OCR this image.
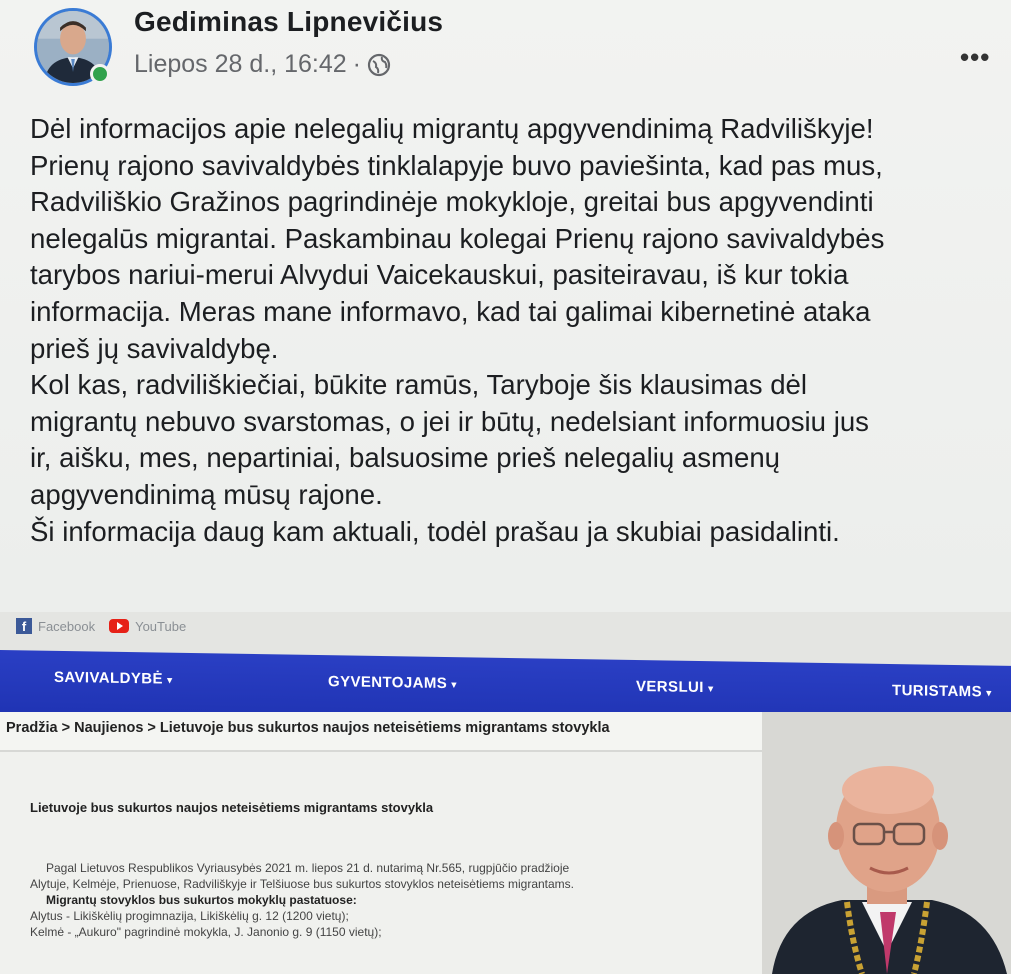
Gediminas Lipnevičius
Liepos 28 d., 16:42 ·	•••

Dėl informacijos apie nelegalių migrantų apgyvendinimą Radviliškyje!

Prienų rajono savivaldybės tinklalapyje buvo paviešinta, kad pas mus,

Radviliškio Gražinos pagrindinėje mokykloje, greitai bus apgyvendinti

nelegalūs migrantai. Paskambinau kolegai Prienų rajono savivaldybės

tarybos nariui-merui Alvydui Vaicekauskui, pasiteiravau, iš kur tokia

informacija. Meras mane informavo, kad tai galimai kibernetinė ataka

prieš jų savivaldybę.

Kol kas, radviliškiečiai, būkite ramūs, Taryboje šis klausimas dėl

migrantų nebuvo svarstomas, o jei ir būtų, nedelsiant informuosiu jus

ir, aišku, mes, nepartiniai, balsuosime prieš nelegalių asmenų

apgyvendinimą mūsų rajone.

Ši informacija daug kam aktuali, todėl prašau ja skubiai pasidalinti.

f Facebook	YouTube
SAVIVALDYBĖ ▾	GYVENTOJAMS ▾	VERSLUI ▾	TURISTAMS ▾
Pradžia > Naujienos > Lietuvoje bus sukurtos naujos neteisėtiems migrantams stovykla
Lietuvoje bus sukurtos naujos neteisėtiems migrantams stovykla
Pagal Lietuvos Respublikos Vyriausybės 2021 m. liepos 21 d. nutarimą Nr.565, rugpjūčio pradžioje
Alytuje, Kelmėje, Prienuose, Radviliškyje ir Telšiuose bus sukurtos stovyklos neteisėtiems migrantams.
Migrantų stovyklos bus sukurtos mokyklų pastatuose:
Alytus - Likiškėlių progimnazija, Likiškėlių g. 12 (1200 vietų);
Kelmė - „Aukuro" pagrindinė mokykla, J. Janonio g. 9 (1150 vietų);
